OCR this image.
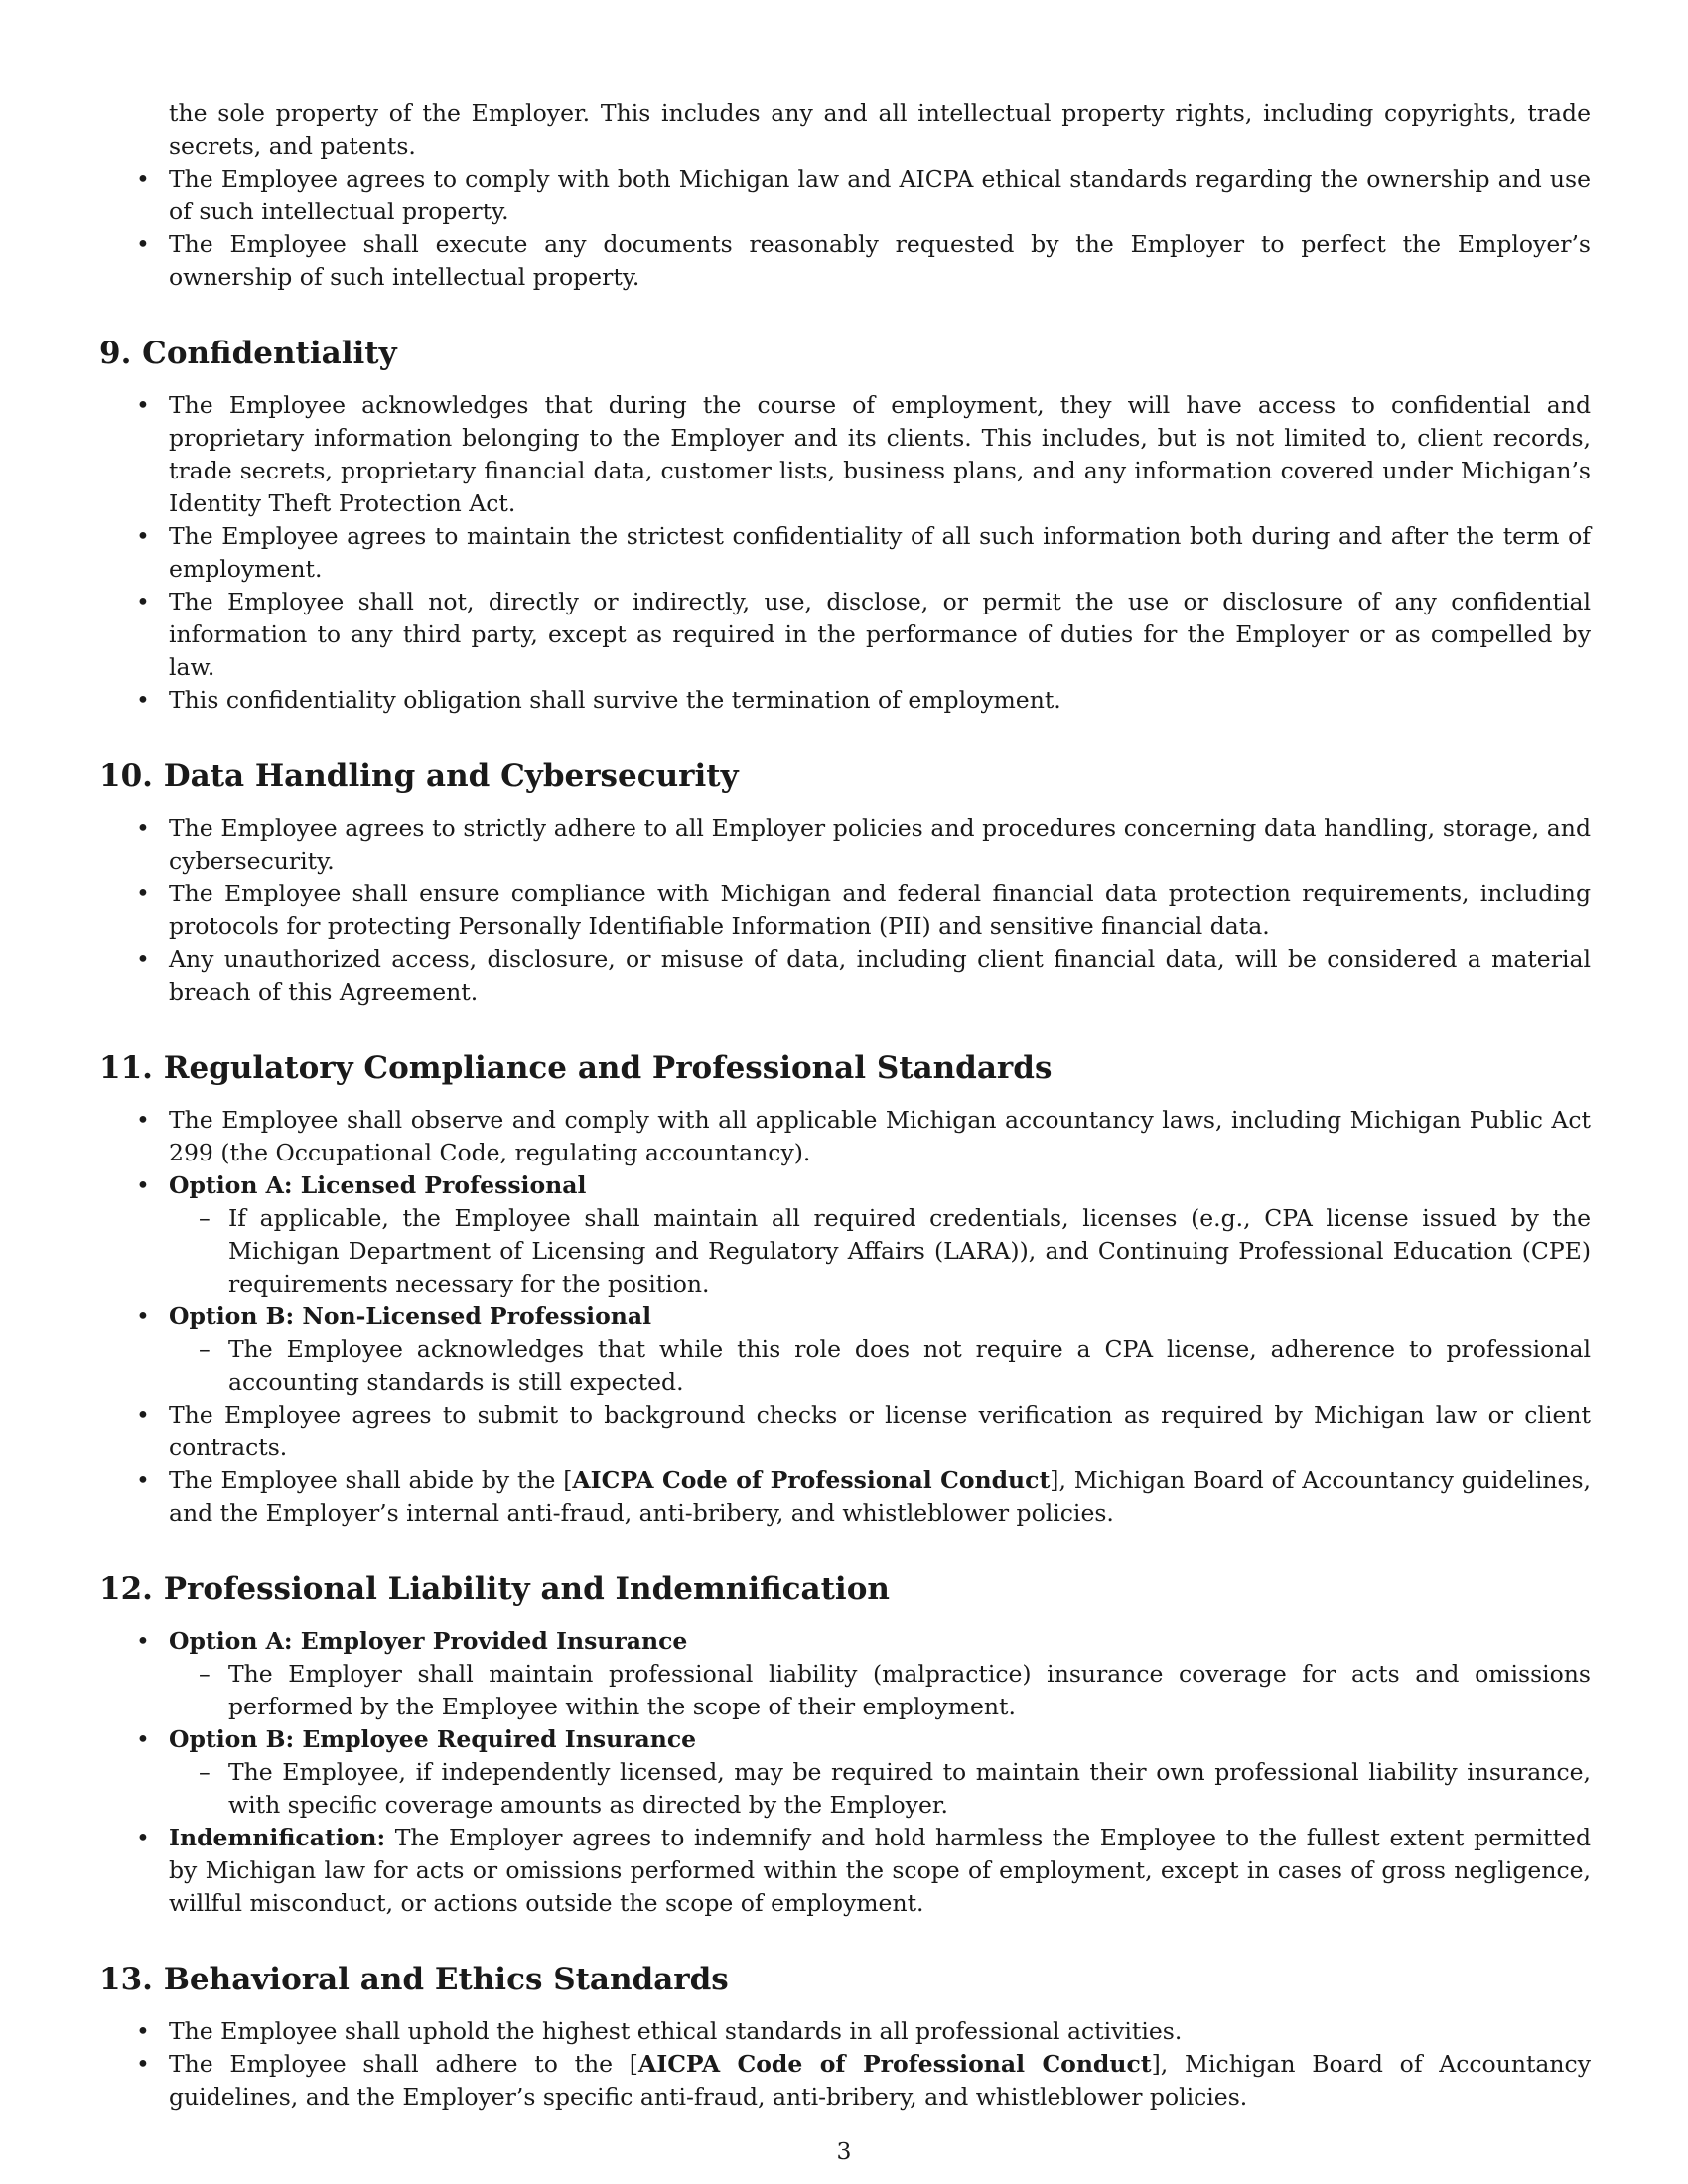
the sole property of the Employer. This includes any and all intellectual property rights, including copyrights, trade secrets, and patents.

• The Employee agrees to comply with both Michigan law and AICPA ethical standards regarding the ownership and use of such intellectual property.
• The Employee shall execute any documents reasonably requested by the Employer to perfect the Employer’s ownership of such intellectual property.
9. Confidentiality
• The Employee acknowledges that during the course of employment, they will have access to confidential and proprietary information belonging to the Employer and its clients. This includes, but is not limited to, client records, trade secrets, proprietary financial data, customer lists, business plans, and any information covered under Michigan’s Identity Theft Protection Act.
• The Employee agrees to maintain the strictest confidentiality of all such information both during and after the term of employment.
• The Employee shall not, directly or indirectly, use, disclose, or permit the use or disclosure of any confidential information to any third party, except as required in the performance of duties for the Employer or as compelled by law.
• This confidentiality obligation shall survive the termination of employment.
10. Data Handling and Cybersecurity
• The Employee agrees to strictly adhere to all Employer policies and procedures concerning data handling, storage, and cybersecurity.
• The Employee shall ensure compliance with Michigan and federal financial data protection requirements, including protocols for protecting Personally Identifiable Information (PII) and sensitive financial data.
• Any unauthorized access, disclosure, or misuse of data, including client financial data, will be considered a material breach of this Agreement.
11. Regulatory Compliance and Professional Standards
• The Employee shall observe and comply with all applicable Michigan accountancy laws, including Michigan Public Act 299 (the Occupational Code, regulating accountancy).
• Option A: Licensed Professional
– If applicable, the Employee shall maintain all required credentials, licenses (e.g., CPA license issued by the Michigan Department of Licensing and Regulatory Affairs (LARA)), and Continuing Professional Education (CPE) requirements necessary for the position.
• Option B: Non-Licensed Professional
– The Employee acknowledges that while this role does not require a CPA license, adherence to professional accounting standards is still expected.
• The Employee agrees to submit to background checks or license verification as required by Michigan law or client contracts.
• The Employee shall abide by the [AICPA Code of Professional Conduct], Michigan Board of Accountancy guidelines, and the Employer’s internal anti-fraud, anti-bribery, and whistleblower policies.
12. Professional Liability and Indemnification
• Option A: Employer Provided Insurance
– The Employer shall maintain professional liability (malpractice) insurance coverage for acts and omissions performed by the Employee within the scope of their employment.
• Option B: Employee Required Insurance
– The Employee, if independently licensed, may be required to maintain their own professional liability insurance, with specific coverage amounts as directed by the Employer.
• Indemnification: The Employer agrees to indemnify and hold harmless the Employee to the fullest extent permitted by Michigan law for acts or omissions performed within the scope of employment, except in cases of gross negligence, willful misconduct, or actions outside the scope of employment.
13. Behavioral and Ethics Standards
• The Employee shall uphold the highest ethical standards in all professional activities.
• The Employee shall adhere to the [AICPA Code of Professional Conduct], Michigan Board of Accountancy guidelines, and the Employer’s specific anti-fraud, anti-bribery, and whistleblower policies.
3
